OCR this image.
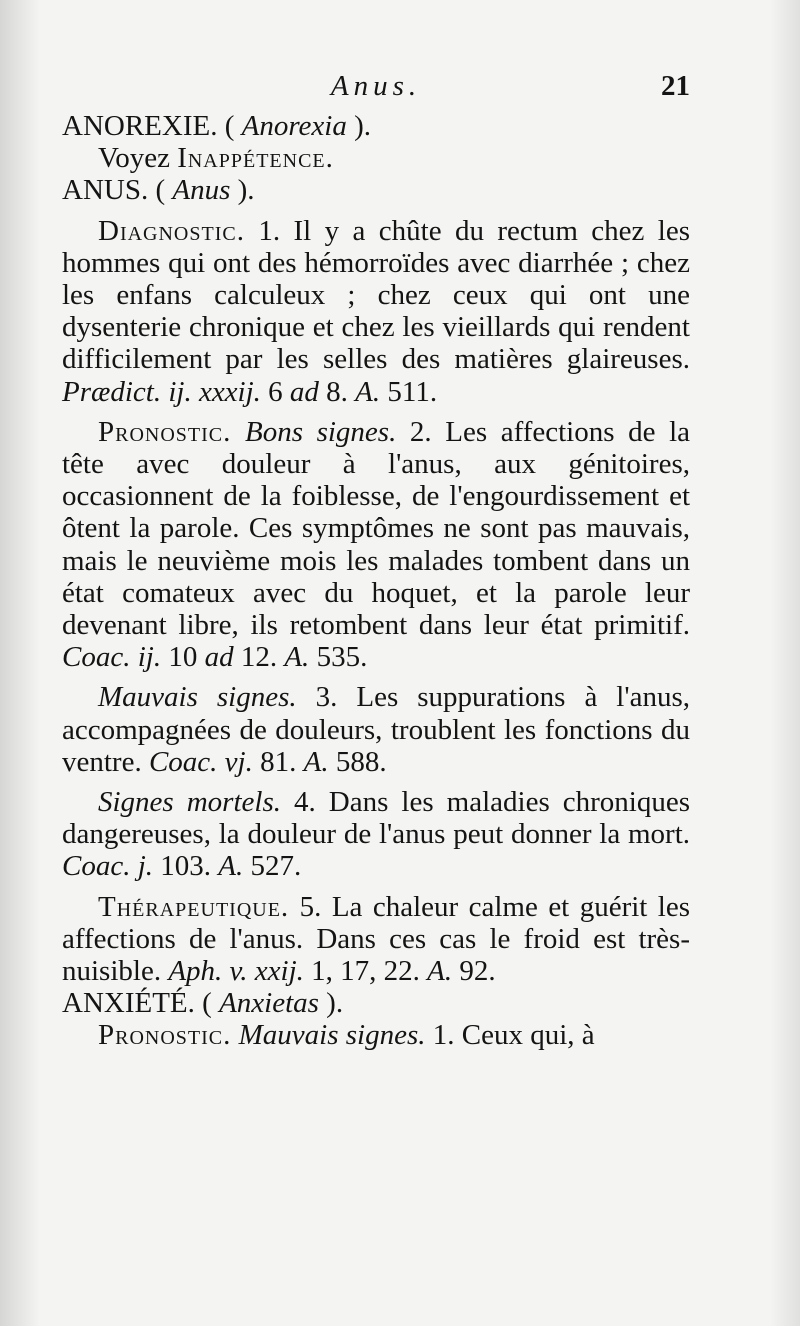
Anus.	21

ANOREXIE. ( Anorexia ).

Voyez Inappétence.

ANUS. ( Anus ).

Diagnostic. 1. Il y a chûte du rectum chez les hommes qui ont des hémorroïdes avec diarrhée ; chez les enfans calculeux ; chez ceux qui ont une dysenterie chronique et chez les vieillards qui rendent difficilement par les selles des matières glaireuses. Prædict. ij. xxxij. 6 ad 8. A. 511.

Pronostic. Bons signes. 2. Les affections de la tête avec douleur à l'anus, aux génitoires, occasionnent de la foiblesse, de l'engourdissement et ôtent la parole. Ces symptômes ne sont pas mauvais, mais le neuvième mois les malades tombent dans un état comateux avec du hoquet, et la parole leur devenant libre, ils retombent dans leur état primitif. Coac. ij. 10 ad 12. A. 535.

Mauvais signes. 3. Les suppurations à l'anus, accompagnées de douleurs, troublent les fonctions du ventre. Coac. vj. 81. A. 588.

Signes mortels. 4. Dans les maladies chroniques dangereuses, la douleur de l'anus peut donner la mort. Coac. j. 103. A. 527.

Thérapeutique. 5. La chaleur calme et guérit les affections de l'anus. Dans ces cas le froid est très-nuisible. Aph. v. xxij. 1, 17, 22. A. 92.

ANXIÉTÉ. ( Anxietas ).

Pronostic. Mauvais signes. 1. Ceux qui, à
